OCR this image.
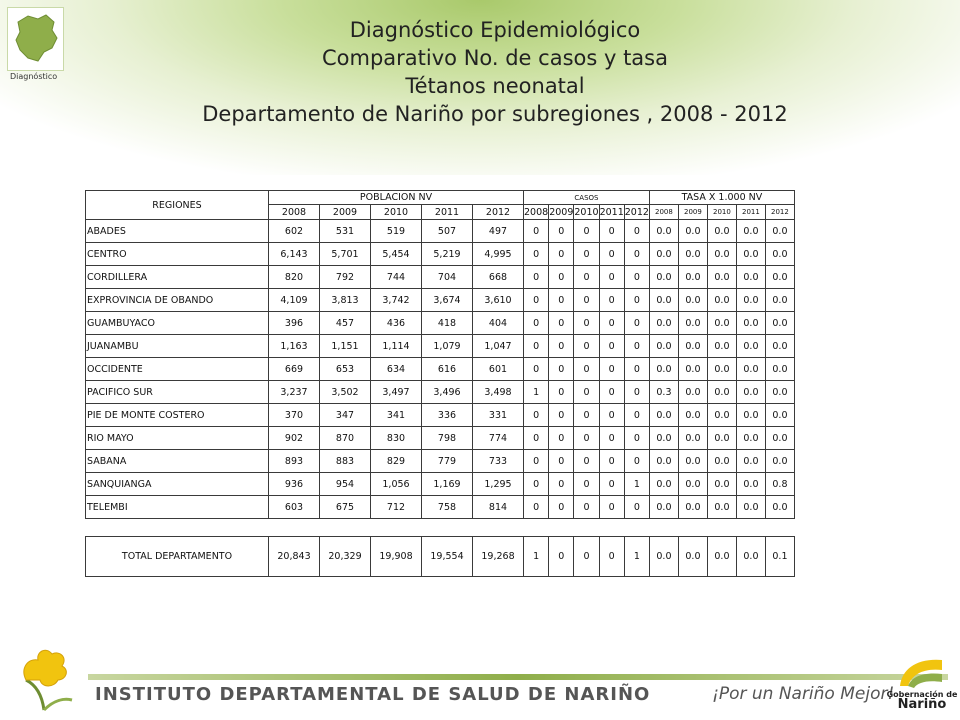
Diagnóstico
Diagnóstico Epidemiológico
Comparativo No. de casos y tasa
Tétanos neonatal
Departamento de Nariño por subregiones , 2008 - 2012
REGIONES	POBLACION NV					CASOS					TASA X 1.000 NV				
	2008	2009	2010	2011	2012	2008	2009	2010	2011	2012	2008	2009	2010	2011	2012
ABADES	602	531	519	507	497	0	0	0	0	0	0.0	0.0	0.0	0.0	0.0
CENTRO	6,143	5,701	5,454	5,219	4,995	0	0	0	0	0	0.0	0.0	0.0	0.0	0.0
CORDILLERA	820	792	744	704	668	0	0	0	0	0	0.0	0.0	0.0	0.0	0.0
EXPROVINCIA DE OBANDO	4,109	3,813	3,742	3,674	3,610	0	0	0	0	0	0.0	0.0	0.0	0.0	0.0
GUAMBUYACO	396	457	436	418	404	0	0	0	0	0	0.0	0.0	0.0	0.0	0.0
JUANAMBU	1,163	1,151	1,114	1,079	1,047	0	0	0	0	0	0.0	0.0	0.0	0.0	0.0
OCCIDENTE	669	653	634	616	601	0	0	0	0	0	0.0	0.0	0.0	0.0	0.0
PACIFICO SUR	3,237	3,502	3,497	3,496	3,498	1	0	0	0	0	0.3	0.0	0.0	0.0	0.0
PIE DE MONTE COSTERO	370	347	341	336	331	0	0	0	0	0	0.0	0.0	0.0	0.0	0.0
RIO MAYO	902	870	830	798	774	0	0	0	0	0	0.0	0.0	0.0	0.0	0.0
SABANA	893	883	829	779	733	0	0	0	0	0	0.0	0.0	0.0	0.0	0.0
SANQUIANGA	936	954	1,056	1,169	1,295	0	0	0	0	1	0.0	0.0	0.0	0.0	0.8
TELEMBI	603	675	712	758	814	0	0	0	0	0	0.0	0.0	0.0	0.0	0.0

TOTAL DEPARTAMENTO	20,843	20,329	19,908	19,554	19,268	1	0	0	0	1	0.0	0.0	0.0	0.0	0.1
INSTITUTO DEPARTAMENTAL DE SALUD DE NARIÑO	¡Por un Nariño Mejor!
Gobernación de
Nariño
